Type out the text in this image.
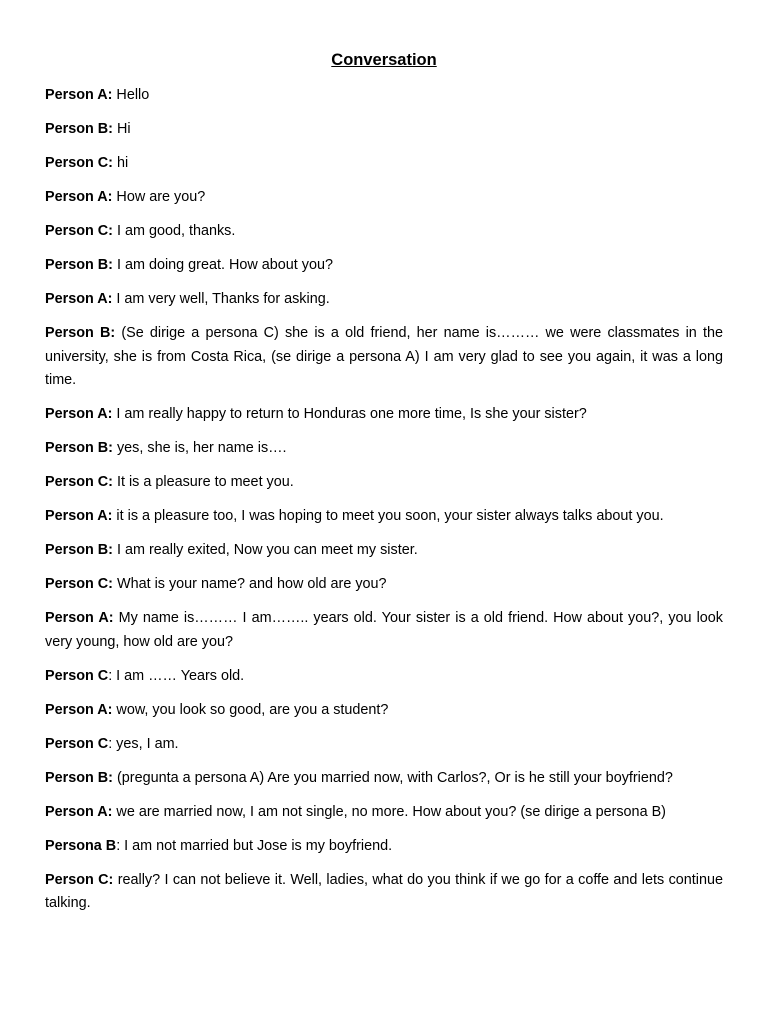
Conversation

Person A: Hello

Person B: Hi

Person C: hi

Person A: How are you?

Person C: I am good, thanks.

Person B: I am doing great. How about you?

Person A: I am very well, Thanks for asking.

Person B: (Se dirige a persona C) she is a old friend, her name is……… we were classmates in the university, she is from Costa Rica, (se dirige a persona A) I am very glad to see you again, it was a long time.

Person A: I am really happy to return to Honduras one more time, Is she your sister?

Person B: yes, she is, her name is….

Person C: It is a pleasure to meet you.

Person A: it is a pleasure too, I was hoping to meet you soon, your sister always talks about you.

Person B: I am really exited, Now you can meet my sister.

Person C: What is your name? and how old are you?

Person A: My name is……… I am…….. years old. Your sister is a old friend. How about you?, you look very young, how old are you?

Person C: I am …… Years old.

Person A: wow, you look so good, are you a student?

Person C: yes, I am.

Person B: (pregunta a persona A) Are you married now, with Carlos?, Or is he still your boyfriend?

Person A: we are married now, I am not single, no more. How about you? (se dirige a persona B)

Persona B: I am not married but Jose is my boyfriend.

Person C: really? I can not believe it. Well, ladies, what do you think if we go for a coffe and lets continue talking.
